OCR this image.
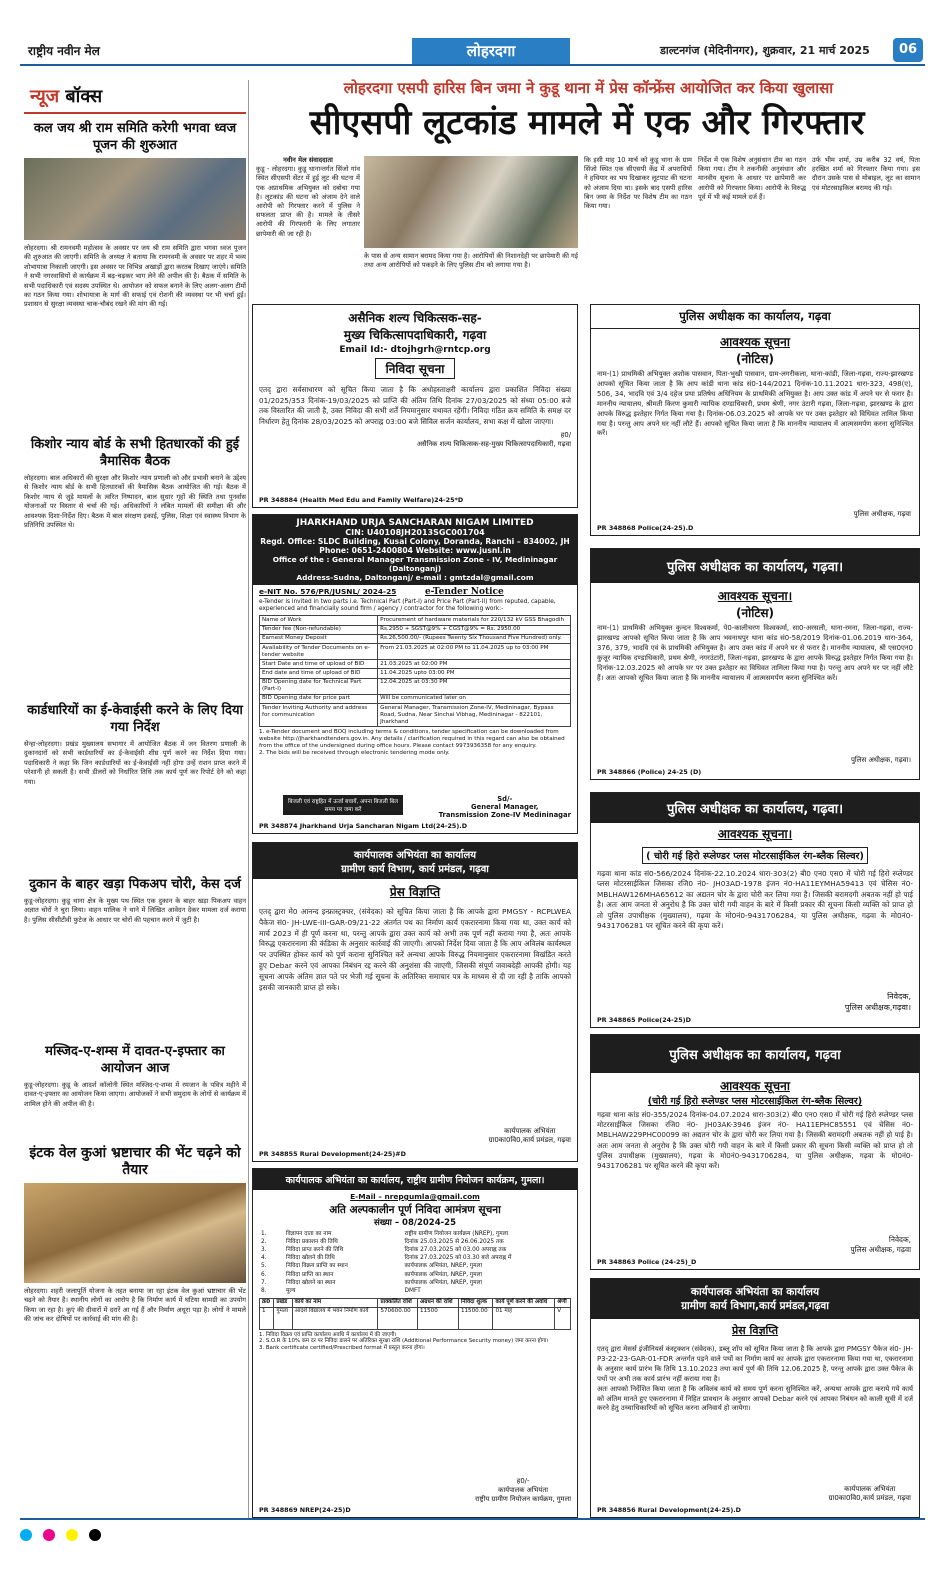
राष्ट्रीय नवीन मेल	लोहरदगा	डाल्टनगंज (मेदिनीनगर), शुक्रवार, 21 मार्च 2025	06
लोहरदगा एसपी हारिस बिन जमा ने कुडू थाना में प्रेस कॉन्फ्रेंस आयोजित कर किया खुलासा
सीएसपी लूटकांड मामले में एक और गिरफ्तार
न्यूज बॉक्स
कल जय श्री राम समिति करेगी भगवा ध्वज पूजन की शुरुआत
लोहरदगा। श्री रामनवमी महोत्सव के अवसर पर जय श्री राम समिति द्वारा भगवा ध्वज पूजन की शुरुआत की जाएगी। समिति के अध्यक्ष ने बताया कि रामनवमी के अवसर पर शहर में भव्य शोभायात्रा निकाली जाएगी। इस अवसर पर विभिन्न अखाड़ों द्वारा करतब दिखाए जाएंगे। समिति ने सभी नगरवासियों से कार्यक्रम में बढ़-चढ़कर भाग लेने की अपील की है। बैठक में समिति के सभी पदाधिकारी एवं सदस्य उपस्थित थे। आयोजन को सफल बनाने के लिए अलग-अलग टीमों का गठन किया गया। शोभायात्रा के मार्ग की सफाई एवं रोशनी की व्यवस्था पर भी चर्चा हुई। प्रशासन से सुरक्षा व्यवस्था चाक-चौबंद रखने की मांग की गई।
किशोर न्याय बोर्ड के सभी हितधारकों की हुई त्रैमासिक बैठक
लोहरदगा। बाल अधिकारों की सुरक्षा और किशोर न्याय प्रणाली को और प्रभावी बनाने के उद्देश्य से किशोर न्याय बोर्ड के सभी हितधारकों की त्रैमासिक बैठक आयोजित की गई। बैठक में किशोर न्याय से जुड़े मामलों के त्वरित निष्पादन, बाल सुधार गृहों की स्थिति तथा पुनर्वास योजनाओं पर विस्तार से चर्चा की गई। अधिकारियों ने लंबित मामलों की समीक्षा की और आवश्यक दिशा-निर्देश दिए। बैठक में बाल संरक्षण इकाई, पुलिस, शिक्षा एवं स्वास्थ्य विभाग के प्रतिनिधि उपस्थित थे।
कार्डधारियों का ई-केवाईसी करने के लिए दिया गया निर्देश
सेन्हा-लोहरदगा। प्रखंड मुख्यालय सभागार में आयोजित बैठक में जन वितरण प्रणाली के दुकानदारों को सभी कार्डधारियों का ई-केवाईसी शीघ्र पूर्ण करने का निर्देश दिया गया। पदाधिकारी ने कहा कि जिन कार्डधारियों का ई-केवाईसी नहीं होगा उन्हें राशन प्राप्त करने में परेशानी हो सकती है। सभी डीलरों को निर्धारित तिथि तक कार्य पूर्ण कर रिपोर्ट देने को कहा गया।
दुकान के बाहर खड़ा पिकअप चोरी, केस दर्ज
कुडू-लोहरदगा। कुडू थाना क्षेत्र के मुख्य पथ स्थित एक दुकान के बाहर खड़ा पिकअप वाहन अज्ञात चोरों ने चुरा लिया। वाहन मालिक ने थाने में लिखित आवेदन देकर मामला दर्ज कराया है। पुलिस सीसीटीवी फुटेज के आधार पर चोरों की पहचान करने में जुटी है।
मस्जिद-ए-शम्स में दावत-ए-इफ्तार का आयोजन आज
कुडू-लोहरदगा। कुडू के आदर्श कॉलोनी स्थित मस्जिद-ए-शम्स में रमजान के पवित्र महीने में दावत-ए-इफ्तार का आयोजन किया जाएगा। आयोजकों ने सभी समुदाय के लोगों से कार्यक्रम में शामिल होने की अपील की है।
इंटक वेल कुआं भ्रष्टाचार की भेंट चढ़ने को तैयार
लोहरदगा। शहरी जलापूर्ति योजना के तहत बनाया जा रहा इंटक वेल कुआं भ्रष्टाचार की भेंट चढ़ने को तैयार है। स्थानीय लोगों का आरोप है कि निर्माण कार्य में घटिया सामग्री का उपयोग किया जा रहा है। कुएं की दीवारों में दरारें आ गई हैं और निर्माण अधूरा पड़ा है। लोगों ने मामले की जांच कर दोषियों पर कार्रवाई की मांग की है।
नवीन मेल संवाददाता
कुडू - लोहरदगा। कुडू थानान्तर्गत सिंजो गांव स्थित सीएसपी सेंटर में हुई लूट की घटना में एक अप्राथमिक अभियुक्त को दबोचा गया है। लूटकांड की घटना को अंजाम देने वाले आरोपी को गिरफ्तार करने में पुलिस ने सफलता प्राप्त की है। मामले के तीसरे आरोपी की गिरफ्तारी के लिए लगातार छापेमारी की जा रही है।
के पास से अन्य सामान बरामद किया गया है। आरोपियों की निशानदेही पर छापेमारी की गई तथा अन्य आरोपियों को पकड़ने के लिए पुलिस टीम को लगाया गया है।
कि इसी माह 10 मार्च को कुडू थाना के ग्राम सिंजो स्थित एक सीएसपी केंद्र में अपराधियों ने हथियार का भय दिखाकर लूटपाट की घटना को अंजाम दिया था। इसके बाद एसपी हारिस बिन जमा के निर्देश पर विशेष टीम का गठन किया गया।
निर्देश में एक विशेष अनुसंधान टीम का गठन किया गया। टीम ने तकनीकी अनुसंधान और मानवीय सूचना के आधार पर छापेमारी कर आरोपी को गिरफ्तार किया। आरोपी के विरुद्ध पूर्व में भी कई मामले दर्ज हैं।
उर्फ भीम शर्मा, उम्र करीब 32 वर्ष, पिता हरखित शर्मा को गिरफ्तार किया गया। इस दौरान उसके पास से मोबाइल, लूट का सामान एवं मोटरसाइकिल बरामद की गई।
असैनिक शल्य चिकित्सक-सह-
मुख्य चिकित्सापदाधिकारी, गढ़वा
Email Id:- dtojhgrh@rntcp.org
निविदा सूचना
एतद् द्वारा सर्वसाधारण को सूचित किया जाता है कि अधोहस्ताक्षरी कार्यालय द्वारा प्रकाशित निविदा संख्या 01/2025/353 दिनांक-19/03/2025 को प्राप्ति की अंतिम तिथि दिनांक 27/03/2025 को संध्या 05:00 बजे तक विस्तारित की जाती है, उक्त निविदा की सभी शर्तें नियमानुसार यथावत रहेंगी। निविदा गठित क्रय समिति के समक्ष दर निर्धारण हेतु दिनांक 28/03/2025 को अपराह्न 03:00 बजे सिविल सर्जन कार्यालय, सभा कक्ष में खोला जाएगा।
ह0/
असैनिक शल्य चिकित्सक-सह-मुख्य चिकित्सापदाधिकारी, गढ़वा
PR 348884 (Health Med Edu and Family Welfare)24-25*D
JHARKHAND URJA SANCHARAN NIGAM LIMITED
CIN: U40108JH2013SGC001704
Regd. Office: SLDC Building, Kusai Colony, Doranda, Ranchi – 834002, JH
Phone: 0651-2400804 Website: www.jusnl.in
Office of the : General Manager Transmission Zone - IV, Medininagar (Daltonganj)
Address-Sudna, Daltonganj/ e-mail : gmtzdal@gmail.com
e-NIT No. 576/PR/JUSNL/ 2024-25	e-Tender Notice
e-Tender is invited in two parts i.e. Technical Part (Part-I) and Price Part (Part-II) from reputed, capable, experienced and financially sound firm / agency / contractor for the following work:-
Name of Work	Procurement of hardware materials for 220/132 kV GSS Bhagodih
Tender fee (Non-refundable)	Rs.2950 + SGST@9% + CGST@9% = Rs. 2950.00
Earnest Money Deposit	Rs.26,500.00/- (Rupees Twenty Six Thousand Five Hundred) only.
Availability of Tender Documents on e-tender website	From 21.03.2025 at 02:00 PM to 11.04.2025 up to 03:00 PM
Start Date and time of upload of BID	21.03.2025 at 02:00 PM
End date and time of upload of BID	11.04.2025 upto 03:00 PM
BID Opening date for Technical Part (Part-I)	12.04.2025 at 03:30 PM
BID Opening date for price part	Will be communicated later on
Tender Inviting Authority and address for communication	General Manager, Transmission Zone-IV, Medininagar, Bypass Road, Sudna, Near Sinchai Vibhag, Medininagar - 822101, Jharkhand
1. e-Tender document and BOQ including terms & conditions, tender specification can be downloaded from website http://jharkhandtenders.gov.in. Any details / clarification required in this regard can also be obtained from the office of the undersigned during office hours. Please contact 9973936358 for any enquiry.
2. The bids will be received through electronic tendering mode only.
बिजली एवं राष्ट्रहित में ऊर्जा बचायें, अपना बिजली बिल समय पर जमा करें
Sd/-
General Manager,
Transmission Zone-IV Medininagar
PR 348874 Jharkhand Urja Sancharan Nigam Ltd(24-25).D
कार्यपालक अभियंता का कार्यालय
ग्रामीण कार्य विभाग, कार्य प्रमंडल, गढ़वा
प्रेस विज्ञप्ति
एतद् द्वारा मे0 आनन्द इन्फ्रास्ट्रक्चर, (संवेदक) को सूचित किया जाता है कि आपके द्वारा PMGSY - RCPLWEA पैकेज सं0- JH-LWE-III-GAR-09/21-22 अंतर्गत पथ का निर्माण कार्य एकरारनामा किया गया था, उक्त कार्य को मार्च 2023 में ही पूर्ण करना था, परन्तु आपके द्वारा उक्त कार्य को अभी तक पूर्ण नहीं कराया गया है, अतः आपके विरुद्ध एकरारनामा की कंडिका के अनुसार कार्रवाई की जाएगी। आपको निर्देश दिया जाता है कि आप अविलंब कार्यस्थल पर उपस्थित होकर कार्य को पूर्ण कराना सुनिश्चित करें अन्यथा आपके विरुद्ध नियमानुसार एकरारनामा विखंडित करते हुए Debar करने एवं आपका निबंधन रद्द करने की अनुशंसा की जाएगी, जिसकी संपूर्ण जवाबदेही आपकी होगी। यह सूचना आपके अंतिम ज्ञात पते पर भेजी गई सूचना के अतिरिक्त समाचार पत्र के माध्यम से दी जा रही है ताकि आपको इसकी जानकारी प्राप्त हो सके।
कार्यपालक अभियंता
ग्रा0का0वि0,कार्य प्रमंडल, गढ़वा
PR 348855 Rural Development(24-25)#D
कार्यपालक अभियंता का कार्यालय, राष्ट्रीय ग्रामीण नियोजन कार्यक्रम, गुमला।
E-Mail – nrepgumla@gmail.com
अति अल्पकालीन पूर्ण निविदा आमंत्रण सूचना
संख्या – 08/2024-25
1.	विज्ञापन दाता का नाम	राष्ट्रीय ग्रामीण नियोजन कार्यक्रम (NREP), गुमला
2.	निविदा प्रकाशन की तिथि	दिनांक 25.03.2025 से 26.06.2025 तक
3.	निविदा प्राप्त करने की तिथि	दिनांक 27.03.2025 को 03.00 अपराह्न तक
4.	निविदा खोलने की तिथि	दिनांक 27.03.2025 को 03.30 बजे अपराह्न में
5.	निविदा विक्रय प्राप्ति का स्थान	कार्यपालक अभियंता, NREP, गुमला
6.	निविदा प्राप्ति का स्थान	कार्यपालक अभियंता, NREP, गुमला
7.	निविदा खोलने का स्थान	कार्यपालक अभियंता, NREP, गुमला
8.	मूल्य	DMFT
क्र0	प्रखंड	कार्य का नाम	प्राक्कलित राशि	अग्रधन की राशि	निविदा शुल्क	कार्य पूर्ण करने की अवधि	श्रेणी
1	गुमला	आदर्श विद्यालय में भवन निर्माण कार्य	570600.00	11500	11500.00	01 माह	V
1. निविदा विक्रय एवं प्राप्ति कार्यालय अवधि में कार्यालय में की जाएगी।
2. S.O.R के 10% कम दर पर निविदा डालने पर अतिरिक्त सुरक्षा राशि (Additional Performance Security money) जमा करना होगा।
3. Bank certificate certified/Prescribed format में प्रस्तुत करना होगा।
ह0/-
कार्यपालक अभियंता
राष्ट्रीय ग्रामीण नियोजन कार्यक्रम, गुमला
PR 348869 NREP(24-25)D
पुलिस अधीक्षक का कार्यालय, गढ़वा
आवश्यक सूचना
(नोटिस)
नाम-(1) प्राथमिकी अभियुक्त अशोक पासवान, पिता-भुखी पासवान, ग्राम-लगरीकला, थाना-कांडी, जिला-गढ़वा, राज्य-झारखण्ड आपको सूचित किया जाता है कि आप कांडी थाना कांड सं0-144/2021 दिनांक-10.11.2021 धारा-323, 498(ए), 506, 34, भादवि एवं 3/4 दहेज प्रथा प्रतिषेध अधिनियम के प्राथमिकी अभियुक्त है। आप उक्त कांड में अपने घर से फरार है। माननीय न्यायालय, श्रीमती किरण कुमारी न्यायिक दण्डाधिकारी, प्रथम श्रेणी, नगर उंटारी गढ़वा, जिला-गढ़वा, झारखण्ड के द्वारा आपके विरुद्ध इश्तेहार निर्गत किया गया है। दिनांक-06.03.2025 को आपके घर पर उक्त इश्तेहार को विधिवत तामिल किया गया है। परन्तु आप अपने घर नहीं लौटे हैं। आपको सूचित किया जाता है कि माननीय न्यायालय में आत्मसमर्पण करना सुनिश्चित करें।
पुलिस अधीक्षक, गढ़वा
PR 348868 Police(24-25).D
पुलिस अधीक्षक का कार्यालय, गढ़वा।
आवश्यक सूचना।
(नोटिस)
नाम-(1) प्राथमिकी अभियुक्त कुन्दन विश्वकर्मा, पे0-कालीचरण विश्वकर्मा, सा0-अरसली, थाना-रमना, जिला-गढ़वा, राज्य-झारखण्ड आपको सूचित किया जाता है कि आप भवनाथपुर थाना कांड सं0-58/2019 दिनांक-01.06.2019 धारा-364, 376, 379, भादवि एवं के प्राथमिकी अभियुक्त है। आप उक्त कांड में अपने घर से फरार है। माननीय न्यायालय, श्री एस0एन0 कुजूर न्यायिक दण्डाधिकारी, प्रथम श्रेणी, नगरउंटारी, जिला-गढ़वा, झारखण्ड के द्वारा आपके विरुद्ध इश्तेहार निर्गत किया गया है। दिनांक-12.03.2025 को आपके घर पर उक्त इश्तेहार का विधिवत तामिला किया गया है। परन्तु आप अपने घर पर नहीं लौटे हैं। अतः आपको सूचित किया जाता है कि माननीय न्यायालय में आत्मसमर्पण करना सुनिश्चित करें।
पुलिस अधीक्षक, गढ़वा।
PR 348866 (Police) 24-25 (D)
पुलिस अधीक्षक का कार्यालय, गढ़वा।
आवश्यक सूचना।
( चोरी गई हिरो स्प्लेण्डर प्लस मोटरसाईकिल रंग-ब्लैक सिल्वर)
गढ़वा थाना कांड सं0-566/2024 दिनांक-22.10.2024 धारा-303(2) बी0 एन0 एस0 में चोरी गई हिरो स्प्लेण्डर प्लस मोटरसाईकिल जिसका रजि0 नं0- JH03AD-1978 इंजन नं0-HA11EYMHA59413 एवं चेसिस नं0- MBLHAW126MHA65612 का अद्यतन चोर के द्वारा चोरी कर लिया गया है। जिसकी बरामदगी अबतक नहीं हो पाई है। अतः आम जनता से अनुरोध है कि उक्त चोरी गयी वाहन के बारे में किसी प्रकार की सूचना किसी व्यक्ति को प्राप्त हो तो पुलिस उपाधीक्षक (मुख्यालय), गढ़वा के मो0नं0-9431706284, या पुलिस अधीक्षक, गढ़वा के मो0नं0-9431706281 पर सूचित करने की कृपा करें।
निवेदक,
पुलिस अधीक्षक,गढ़वा।
PR 348865 Police(24-25)D
पुलिस अधीक्षक का कार्यालय, गढ़वा
आवश्यक सूचना
(चोरी गई हिरो स्प्लेण्डर प्लस मोटरसाईकिल रंग-ब्लैक सिल्वर)
गढ़वा थाना कांड सं0-355/2024 दिनांक-04.07.2024 धारा-303(2) बी0 एन0 एस0 में चोरी गई हिरो स्प्लेण्डर प्लस मोटरसाईकिल जिसका रजि0 नं0- JH03AK-3946 इंजन नं0- HA11EPHC85551 एवं चेसिस नं0- MBLHAW229PHC00099 का अद्यतन चोर के द्वारा चोरी कर लिया गया है। जिसकी बरामदगी अबतक नहीं हो पाई है। अतः आम जनता से अनुरोध है कि उक्त चोरी गयी वाहन के बारे में किसी प्रकार की सूचना किसी व्यक्ति को प्राप्त हो तो पुलिस उपाधीक्षक (मुख्यालय), गढ़वा के मो0नं0-9431706284, या पुलिस अधीक्षक, गढ़वा के मो0नं0-9431706281 पर सूचित करने की कृपा करें।
निवेदक,
पुलिस अधीक्षक, गढ़वा
PR 348863 Police (24-25)_D
कार्यपालक अभियंता का कार्यालय
ग्रामीण कार्य विभाग,कार्य प्रमंडल,गढ़वा
प्रेस विज्ञप्ति
एतद् द्वारा मेसर्स इंजीनियर्स कंस्ट्रक्शन (संवेदक), डब्लू शॉप को सूचित किया जाता है कि आपके द्वारा PMGSY पैकेज सं0- JH-P3-22-23-GAR-01-FDR अन्तर्गत पड़ने वाले पथों का निर्माण कार्य का आपके द्वारा एकरारनामा किया गया था, एकरारनामा के अनुसार कार्य प्रारंभ कि तिथि 13.10.2023 तथा कार्य पूर्ण की तिथि 12.06.2025 है, परन्तु आपके द्वारा उक्त पैकेज के पथों पर अभी तक कार्य प्रारंभ नहीं कराया गया है।
अतः आपको निर्देशित किया जाता है कि अविलंब कार्य को समय पूर्ण करना सुनिश्चित करें, अन्यथा आपके द्वारा कराये गये कार्य को अंतिम मानते हुए एकरारनामा में निहित प्रावधान के अनुसार आपको Debar करने एवं आपका निबंधन को काली सूची में दर्ज करने हेतु उच्चाधिकारियों को सूचित करना अनिवार्य हो जायेगा।
कार्यपालक अभियंता
ग्रा0का0वि0,कार्य प्रमंडल, गढ़वा
PR 348856 Rural Development(24-25).D
